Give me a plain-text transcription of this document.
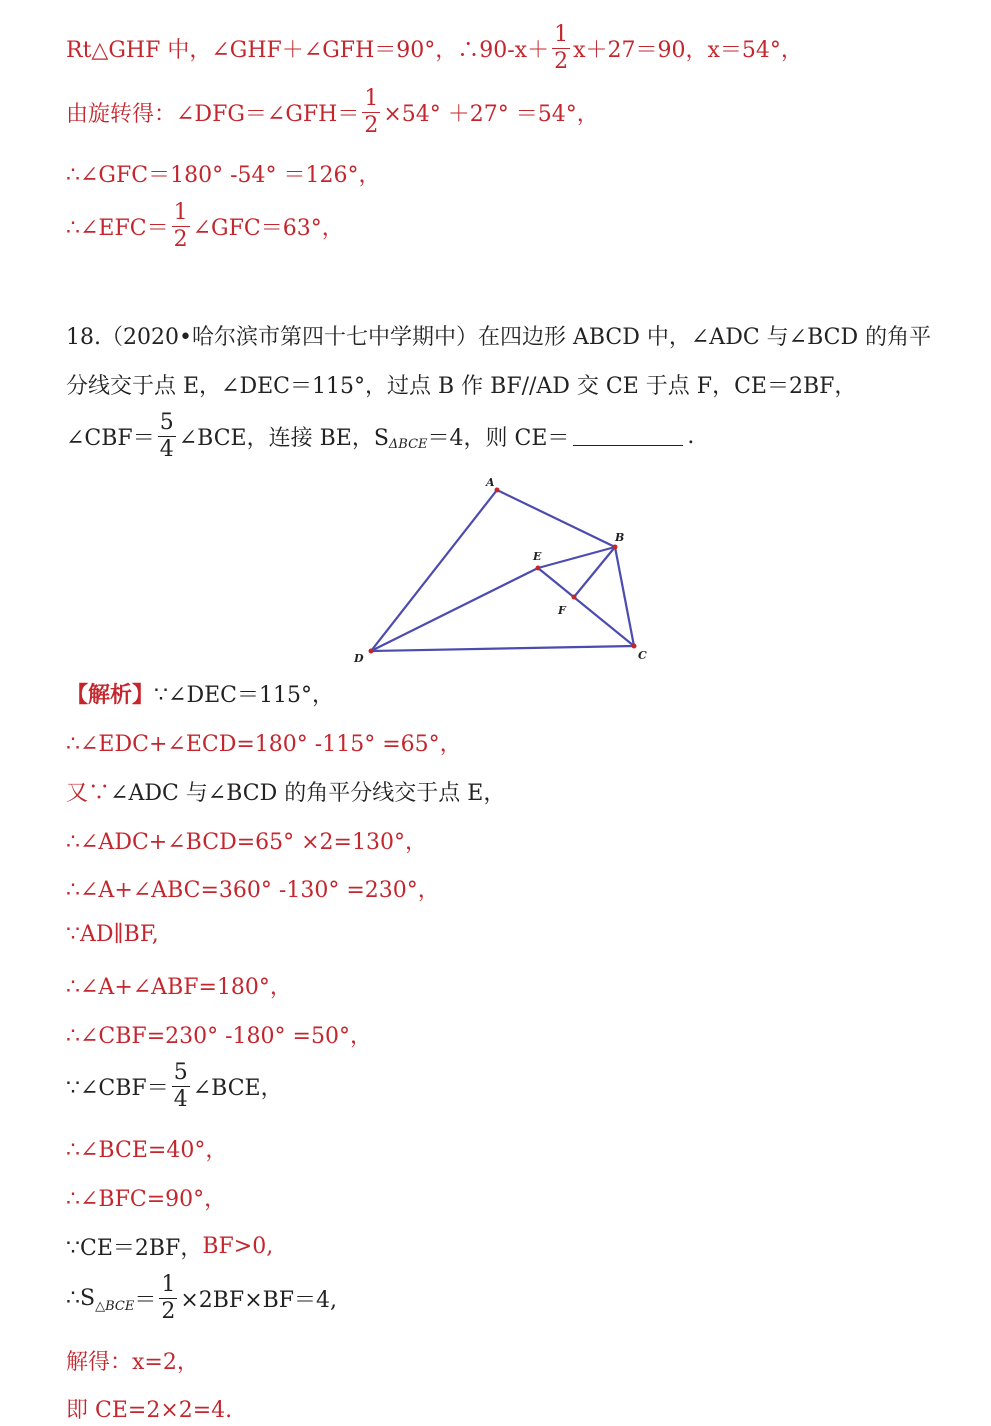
Rt△GHF 中，∠GHF＋∠GFH＝90°，∴90-x＋ $\frac{1}{2} x+27=90$，x＝54°，
由旋转得：∠DFG＝∠GFH＝ $\frac{1}{2} \times 54^\circ +27^\circ =54^\circ$，
∴∠GFC＝180° -54° ＝126°，
∴∠EFC＝ $\frac{1}{2}$ ∠GFC＝63°，
18.（2020•哈尔滨市第四十七中学期中）在四边形 ABCD 中，∠ADC 与∠BCD 的角平
分线交于点 E，∠DEC＝115°，过点 B 作 BF//AD 交 CE 于点 F，CE＝2BF，
∠CBF＝ $\frac{5}{4}$ ∠BCE，连接 BE，S ΔBCE ＝4，则 CE＝	.
A
B
C
D
E
F
【解析】 ∵∠DEC＝115°，
∴∠EDC+∠ECD=180° -115° =65°，
又∵ ∠ADC 与∠BCD 的角平分线交于点 E，
∴∠ADC+∠BCD=65° ×2=130°，
∴∠A+∠ABC=360° -130° =230°，
∵AD∥BF,
∴∠A+∠ABF=180°，
∴∠CBF=230° -180° =50°，
∵∠CBF＝ $\frac{5}{4}$ ∠BCE，
∴∠BCE=40°，
∴∠BFC=90°，
∵CE＝2BF， BF>0,
∴S △BCE ＝ $\frac{1}{2} \times 2BF\times BF=4$,
解得：x=2，
即 CE=2×2=4.
